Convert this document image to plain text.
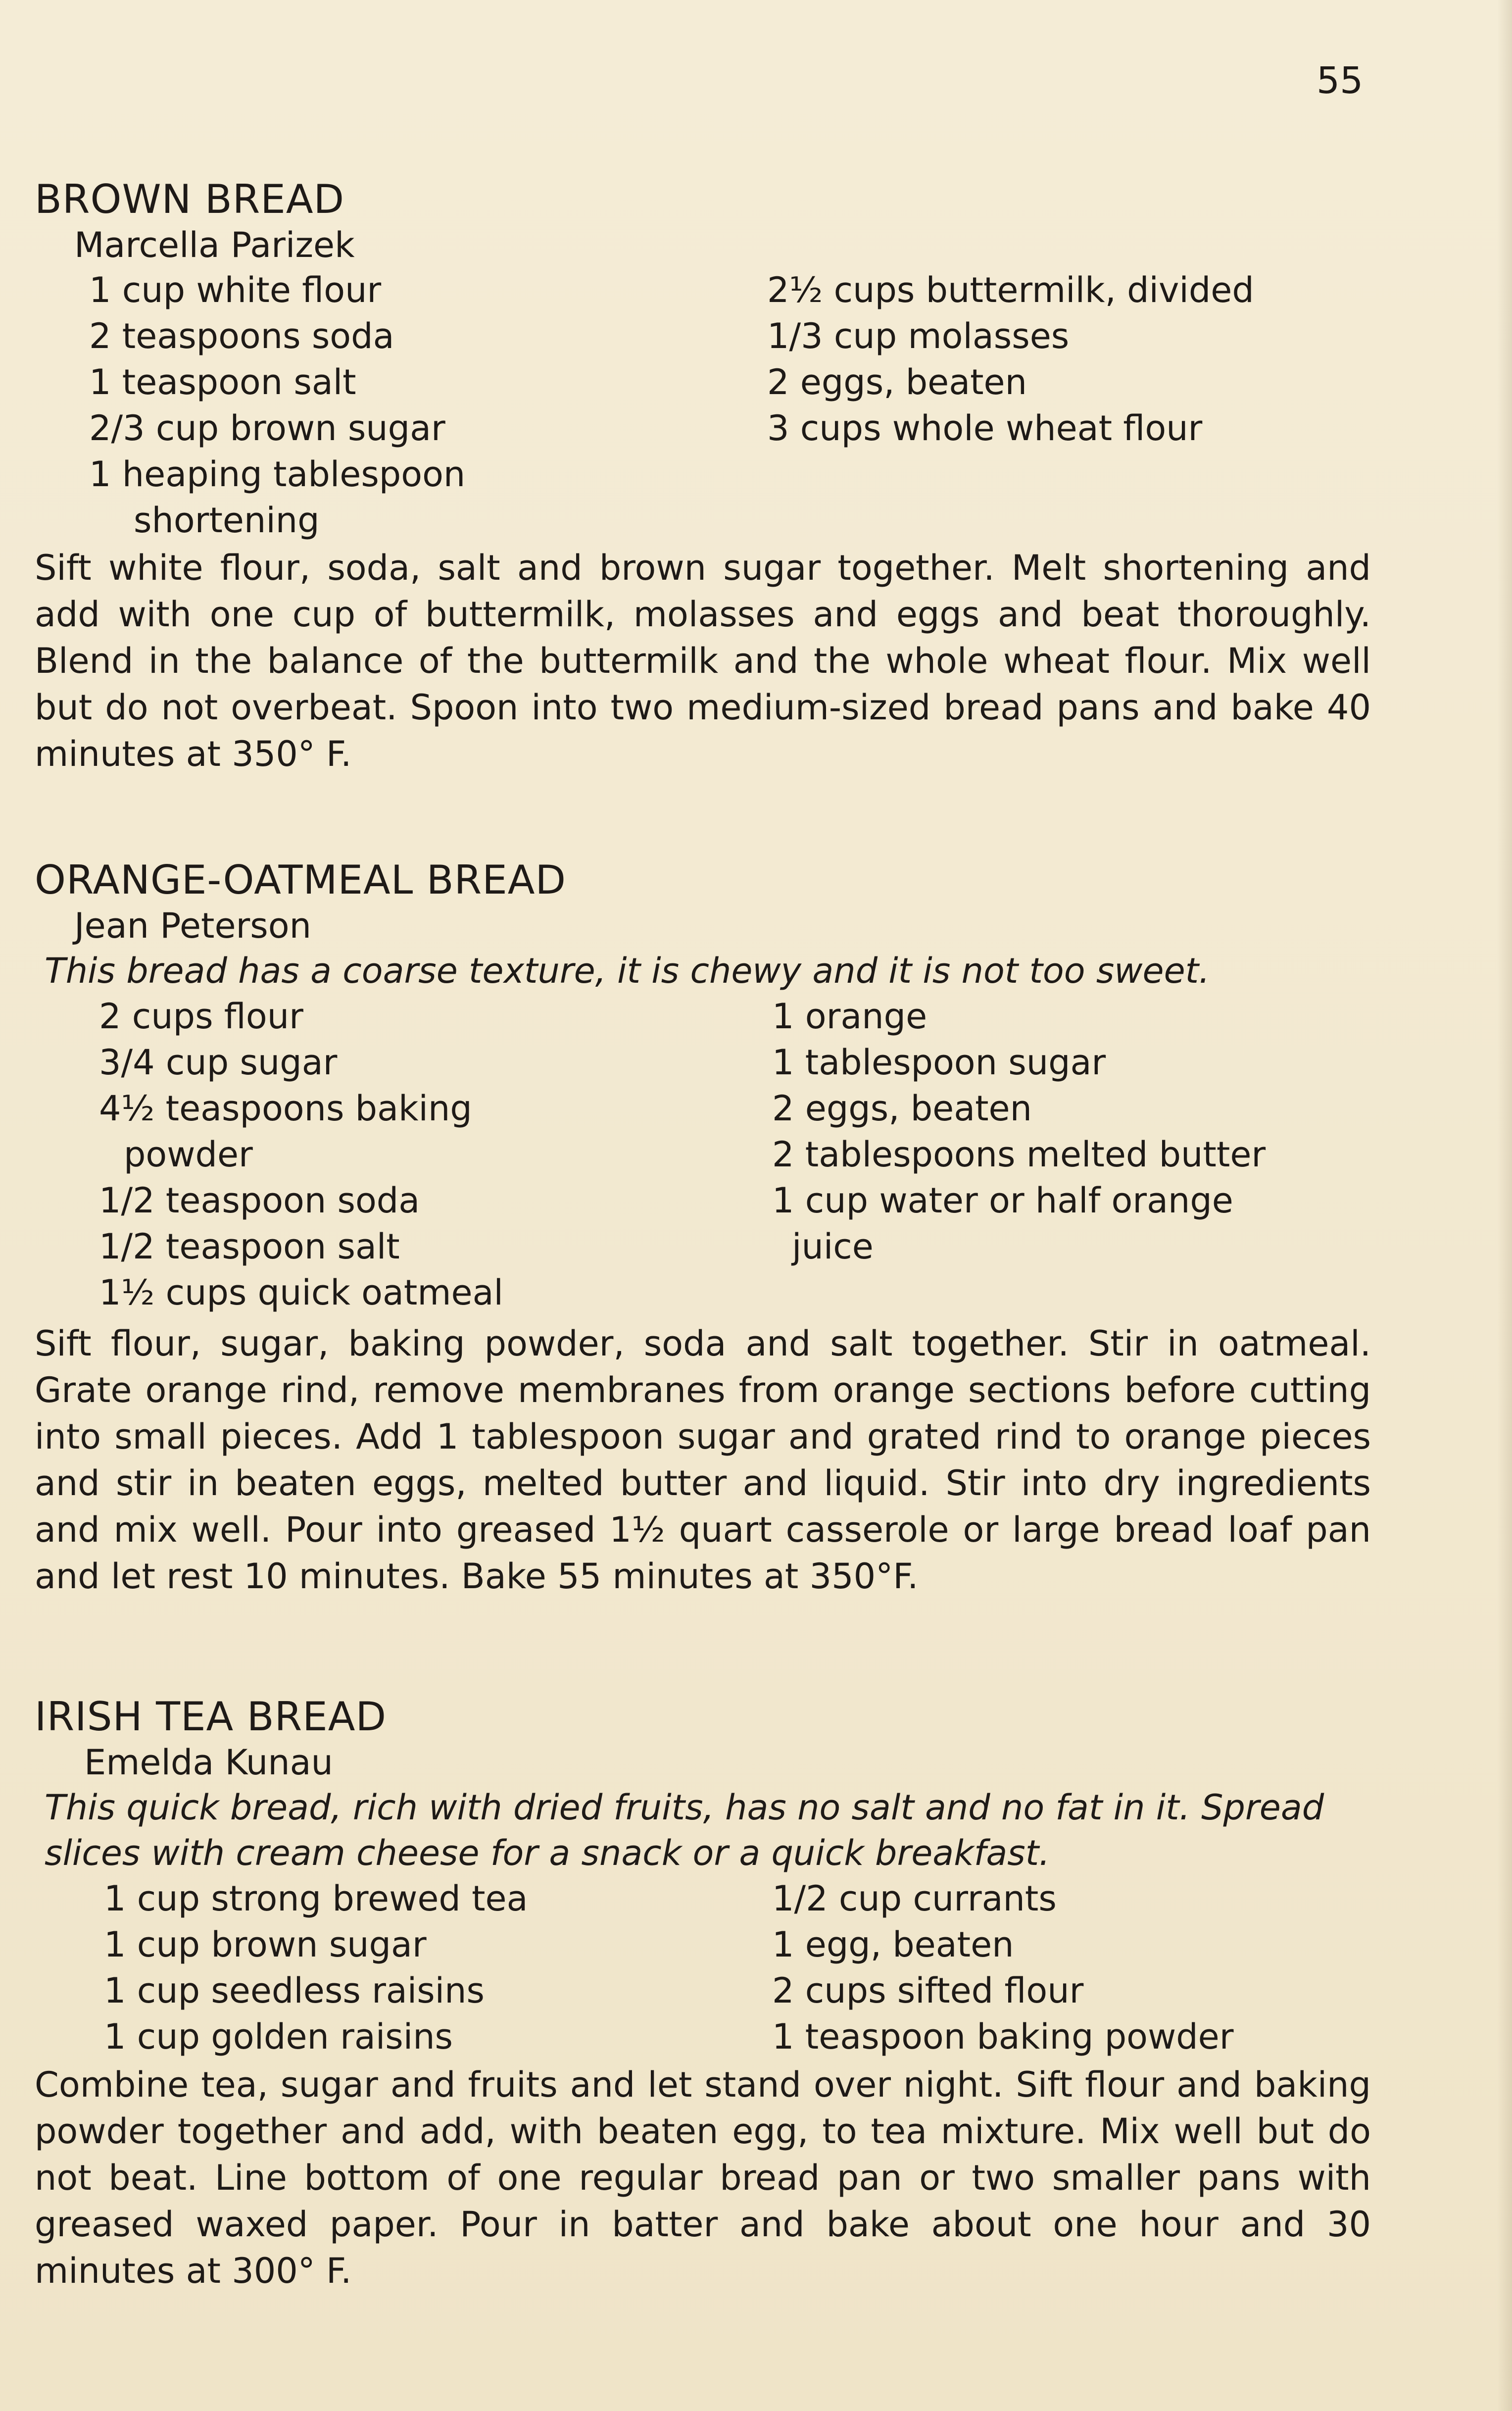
55
BROWN BREAD
Marcella Parizek
1 cup white flour
2 teaspoons soda
1 teaspoon salt
2/3 cup brown sugar
1 heaping tablespoon
shortening
2½ cups buttermilk, divided
1/3 cup molasses
2 eggs, beaten
3 cups whole wheat flour
Sift white flour, soda, salt and brown sugar together. Melt shortening and add with one cup of buttermilk, molasses and eggs and beat thoroughly. Blend in the balance of the buttermilk and the whole wheat flour. Mix well but do not overbeat. Spoon into two medium-sized bread pans and bake 40 minutes at 350° F.
ORANGE-OATMEAL BREAD
Jean Peterson
This bread has a coarse texture, it is chewy and it is not too sweet.
2 cups flour
3/4 cup sugar
4½ teaspoons baking
powder
1/2 teaspoon soda
1/2 teaspoon salt
1½ cups quick oatmeal
1 orange
1 tablespoon sugar
2 eggs, beaten
2 tablespoons melted butter
1 cup water or half orange
juice
Sift flour, sugar, baking powder, soda and salt together. Stir in oatmeal. Grate orange rind, remove membranes from orange sections before cutting into small pieces. Add 1 tablespoon sugar and grated rind to orange pieces and stir in beaten eggs, melted butter and liquid. Stir into dry ingredients and mix well. Pour into greased 1½ quart casserole or large bread loaf pan and let rest 10 minutes. Bake 55 minutes at 350°F.
IRISH TEA BREAD
Emelda Kunau
This quick bread, rich with dried fruits, has no salt and no fat in it. Spread slices with cream cheese for a snack or a quick breakfast.
1 cup strong brewed tea
1 cup brown sugar
1 cup seedless raisins
1 cup golden raisins
1/2 cup currants
1 egg, beaten
2 cups sifted flour
1 teaspoon baking powder
Combine tea, sugar and fruits and let stand over night. Sift flour and baking powder together and add, with beaten egg, to tea mixture. Mix well but do not beat. Line bottom of one regular bread pan or two smaller pans with greased waxed paper. Pour in batter and bake about one hour and 30 minutes at 300° F.
